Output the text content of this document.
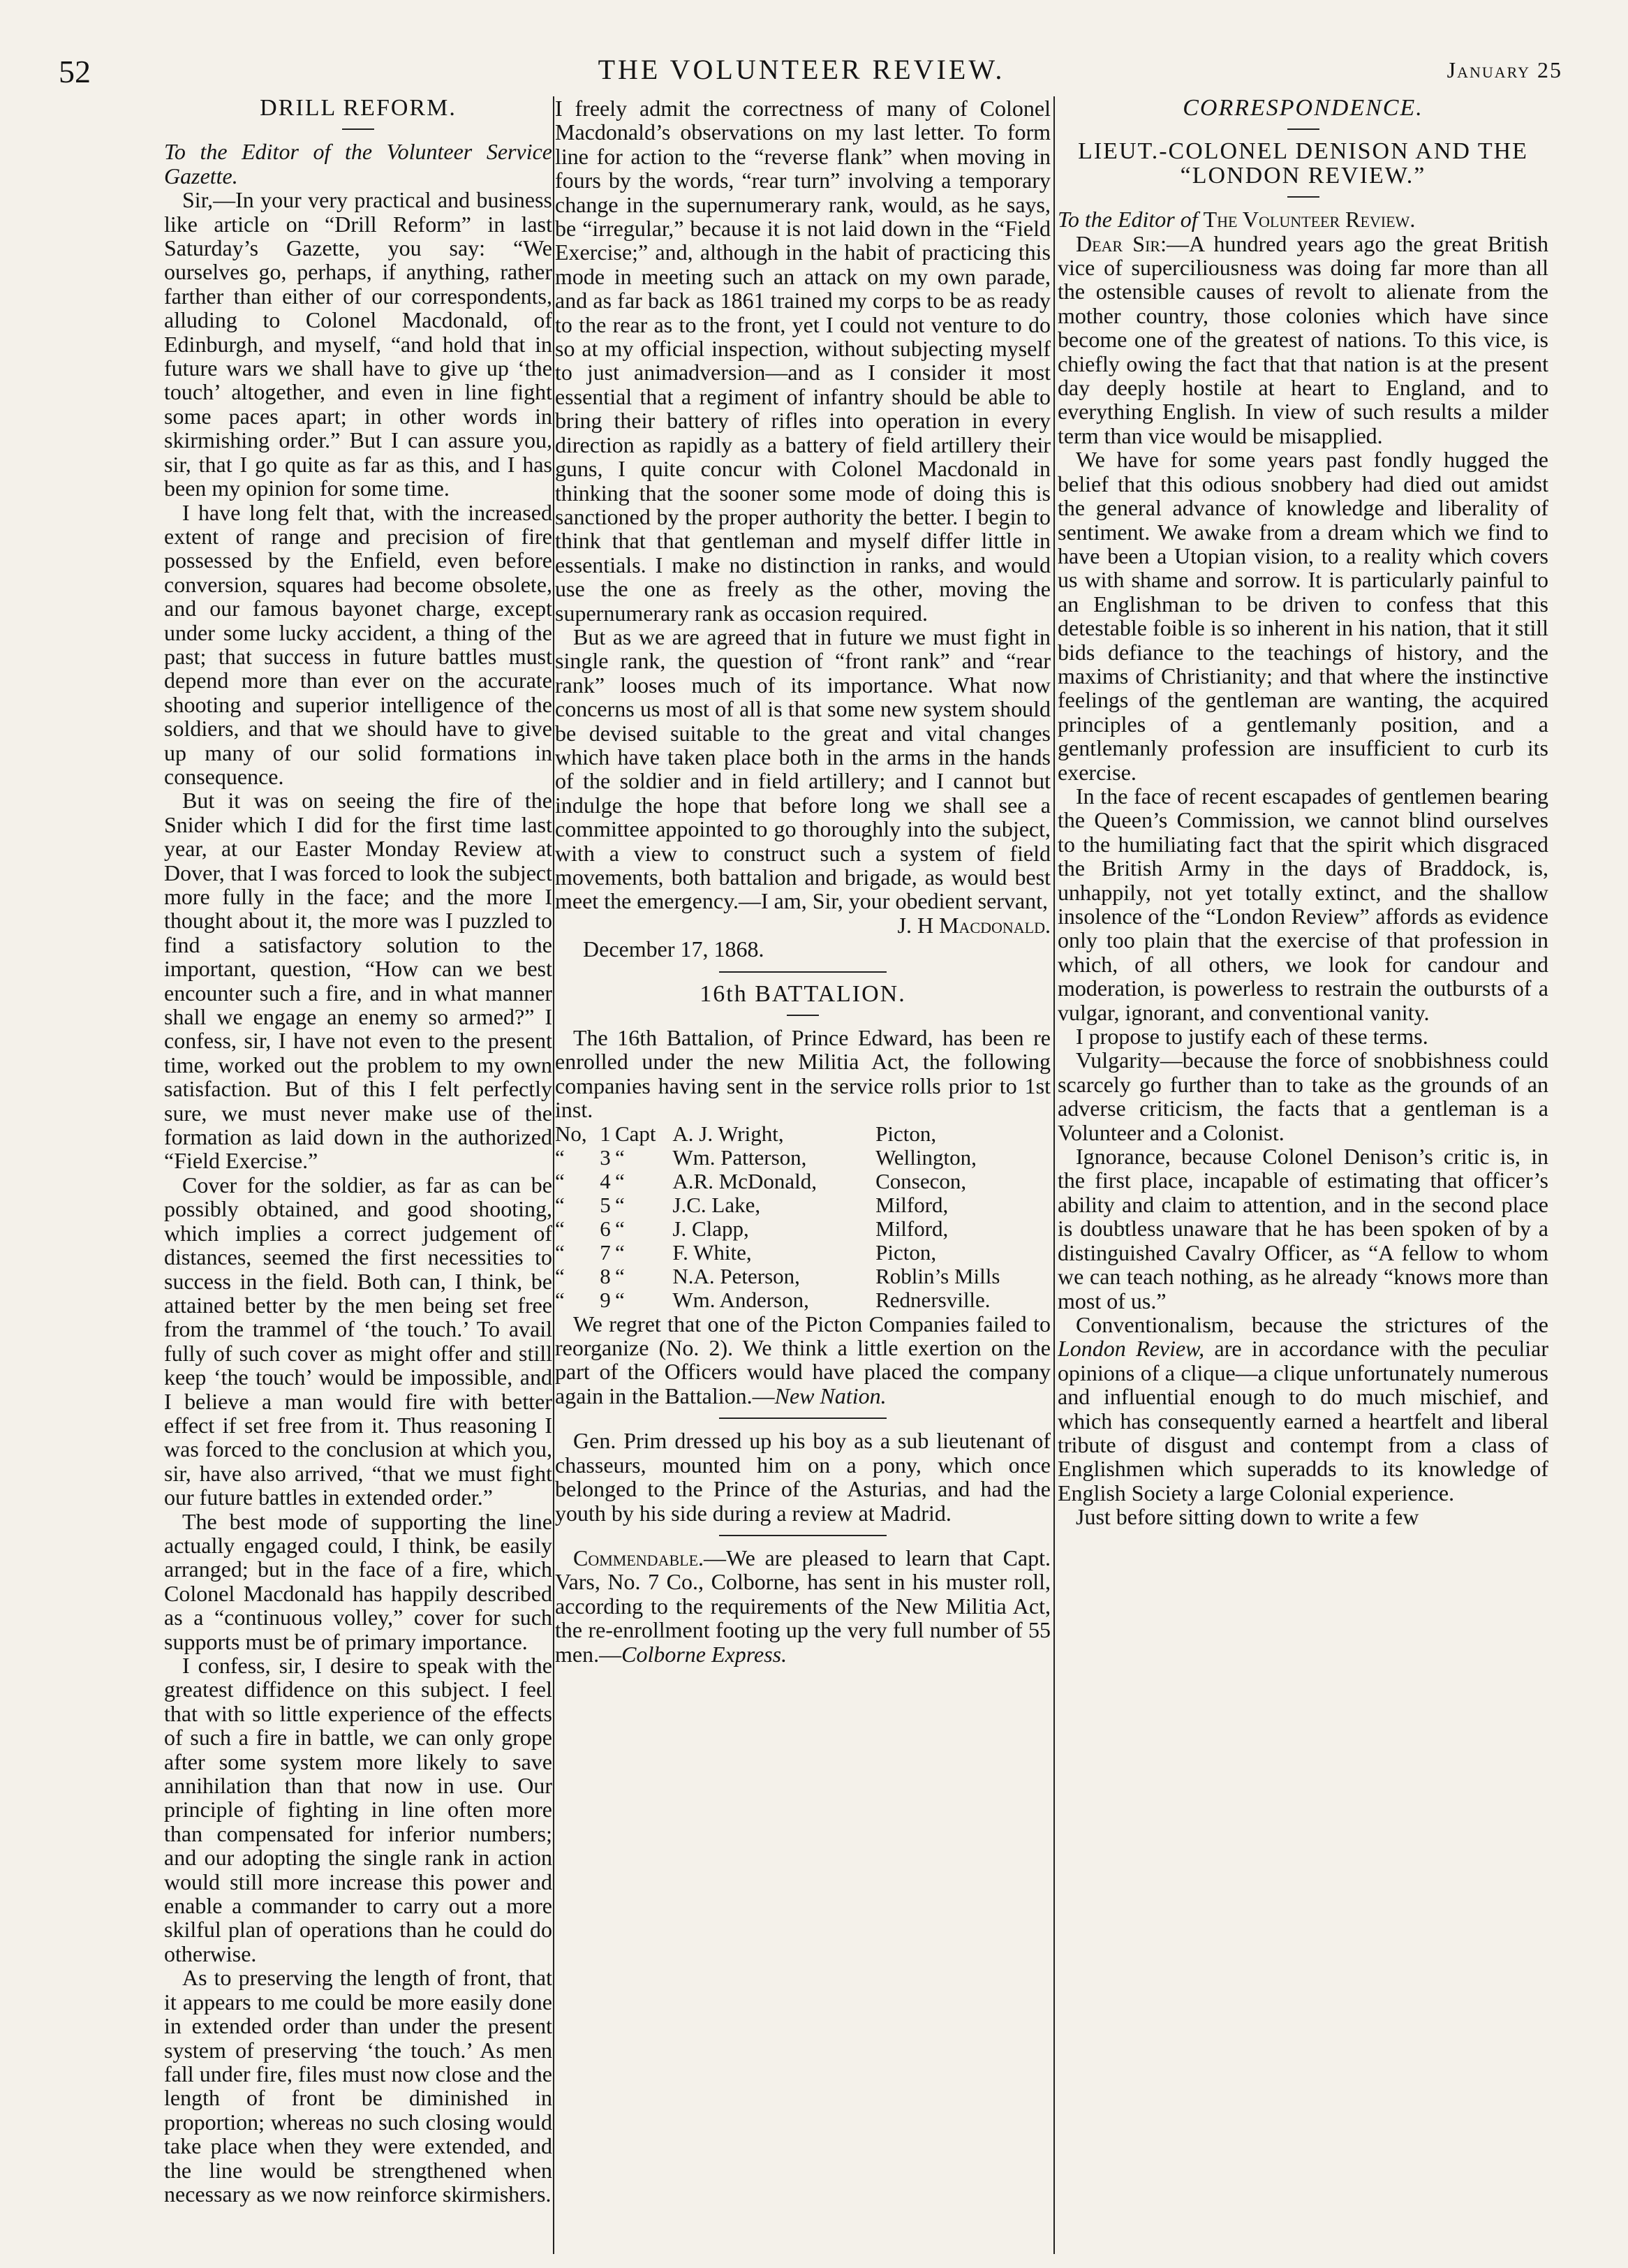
52	THE VOLUNTEER REVIEW.	January 25
DRILL REFORM.

To the Editor of the Volunteer Service Gazette.

Sir,—In your very practical and business like article on “Drill Reform” in last Saturday’s Gazette, you say: “We ourselves go, perhaps, if anything, rather farther than either of our correspondents, alluding to Colonel Macdonald, of Edinburgh, and myself, “and hold that in future wars we shall have to give up ‘the touch’ altogether, and even in line fight some paces apart; in other words in skirmishing order.” But I can assure you, sir, that I go quite as far as this, and I has been my opinion for some time.

I have long felt that, with the increased extent of range and precision of fire possessed by the Enfield, even before conversion, squares had become obsolete, and our famous bayonet charge, except under some lucky accident, a thing of the past; that success in future battles must depend more than ever on the accurate shooting and superior intelligence of the soldiers, and that we should have to give up many of our solid formations in consequence.

But it was on seeing the fire of the Snider which I did for the first time last year, at our Easter Monday Review at Dover, that I was forced to look the subject more fully in the face; and the more I thought about it, the more was I puzzled to find a satisfactory solution to the important, question, “How can we best encounter such a fire, and in what manner shall we engage an enemy so armed?” I confess, sir, I have not even to the present time, worked out the problem to my own satisfaction. But of this I felt perfectly sure, we must never make use of the formation as laid down in the authorized “Field Exercise.”

Cover for the soldier, as far as can be possibly obtained, and good shooting, which implies a correct judgement of distances, seemed the first necessities to success in the field. Both can, I think, be attained better by the men being set free from the trammel of ‘the touch.’ To avail fully of such cover as might offer and still keep ‘the touch’ would be impossible, and I believe a man would fire with better effect if set free from it. Thus reasoning I was forced to the conclusion at which you, sir, have also arrived, “that we must fight our future battles in extended order.”

The best mode of supporting the line actually engaged could, I think, be easily arranged; but in the face of a fire, which Colonel Macdonald has happily described as a “continuous volley,” cover for such supports must be of primary importance.

I confess, sir, I desire to speak with the greatest diffidence on this subject. I feel that with so little experience of the effects of such a fire in battle, we can only grope after some system more likely to save annihilation than that now in use. Our principle of fighting in line often more than compensated for inferior numbers; and our adopting the single rank in action would still more increase this power and enable a commander to carry out a more skilful plan of operations than he could do otherwise.

As to preserving the length of front, that it appears to me could be more easily done in extended order than under the present system of preserving ‘the touch.’ As men fall under fire, files must now close and the length of front be diminished in proportion; whereas no such closing would take place when they were extended, and the line would be strengthened when necessary as we now reinforce skirmishers.

I freely admit the correctness of many of Colonel Macdonald’s observations on my last letter. To form line for action to the “reverse flank” when moving in fours by the words, “rear turn” involving a temporary change in the supernumerary rank, would, as he says, be “irregular,” because it is not laid down in the “Field Exercise;” and, although in the habit of practicing this mode in meeting such an attack on my own parade, and as far back as 1861 trained my corps to be as ready to the rear as to the front, yet I could not venture to do so at my official inspection, without subjecting myself to just animadversion—and as I consider it most essential that a regiment of infantry should be able to bring their battery of rifles into operation in every direction as rapidly as a battery of field artillery their guns, I quite concur with Colonel Macdonald in thinking that the sooner some mode of doing this is sanctioned by the proper authority the better. I begin to think that that gentleman and myself differ little in essentials. I make no distinction in ranks, and would use the one as freely as the other, moving the supernumerary rank as occasion required.

But as we are agreed that in future we must fight in single rank, the question of “front rank” and “rear rank” looses much of its importance. What now concerns us most of all is that some new system should be devised suitable to the great and vital changes which have taken place both in the arms in the hands of the soldier and in field artillery; and I cannot but indulge the hope that before long we shall see a committee appointed to go thoroughly into the subject, with a view to construct such a system of field movements, both battalion and brigade, as would best meet the emergency.—I am, Sir, your obedient servant,

J. H Macdonald.

December 17, 1868.

16th BATTALION.

The 16th Battalion, of Prince Edward, has been re enrolled under the new Militia Act, the following companies having sent in the service rolls prior to 1st inst.

No,	1	Capt	A. J. Wright,	Picton,
“	3	“	Wm. Patterson,	Wellington,
“	4	“	A.R. McDonald,	Consecon,
“	5	“	J.C. Lake,	Milford,
“	6	“	J. Clapp,	Milford,
“	7	“	F. White,	Picton,
“	8	“	N.A. Peterson,	Roblin’s Mills
“	9	“	Wm. Anderson,	Rednersville.

We regret that one of the Picton Companies failed to reorganize (No. 2). We think a little exertion on the part of the Officers would have placed the company again in the Battalion.—New Nation.

Gen. Prim dressed up his boy as a sub lieutenant of chasseurs, mounted him on a pony, which once belonged to the Prince of the Asturias, and had the youth by his side during a review at Madrid.

Commendable.—We are pleased to learn that Capt. Vars, No. 7 Co., Colborne, has sent in his muster roll, according to the requirements of the New Militia Act, the re-enrollment footing up the very full number of 55 men.—Colborne Express.

CORRESPONDENCE.
LIEUT.-COLONEL DENISON AND THE “LONDON REVIEW.”

To the Editor of The Volunteer Review.

Dear Sir:—A hundred years ago the great British vice of superciliousness was doing far more than all the ostensible causes of revolt to alienate from the mother country, those colonies which have since become one of the greatest of nations. To this vice, is chiefly owing the fact that that nation is at the present day deeply hostile at heart to England, and to everything English. In view of such results a milder term than vice would be misapplied.

We have for some years past fondly hugged the belief that this odious snobbery had died out amidst the general advance of knowledge and liberality of sentiment. We awake from a dream which we find to have been a Utopian vision, to a reality which covers us with shame and sorrow. It is particularly painful to an Englishman to be driven to confess that this detestable foible is so inherent in his nation, that it still bids defiance to the teachings of history, and the maxims of Christianity; and that where the instinctive feelings of the gentleman are wanting, the acquired principles of a gentlemanly position, and a gentlemanly profession are insufficient to curb its exercise.

In the face of recent escapades of gentlemen bearing the Queen’s Commission, we cannot blind ourselves to the humiliating fact that the spirit which disgraced the British Army in the days of Braddock, is, unhappily, not yet totally extinct, and the shallow insolence of the “London Review” affords as evidence only too plain that the exercise of that profession in which, of all others, we look for candour and moderation, is powerless to restrain the outbursts of a vulgar, ignorant, and conventional vanity.

I propose to justify each of these terms.

Vulgarity—because the force of snobbishness could scarcely go further than to take as the grounds of an adverse criticism, the facts that a gentleman is a Volunteer and a Colonist.

Ignorance, because Colonel Denison’s critic is, in the first place, incapable of estimating that officer’s ability and claim to attention, and in the second place is doubtless unaware that he has been spoken of by a distinguished Cavalry Officer, as “A fellow to whom we can teach nothing, as he already “knows more than most of us.”

Conventionalism, because the strictures of the London Review, are in accordance with the peculiar opinions of a clique—a clique unfortunately numerous and influential enough to do much mischief, and which has consequently earned a heartfelt and liberal tribute of disgust and contempt from a class of Englishmen which superadds to its knowledge of English Society a large Colonial experience.

Just before sitting down to write a few
